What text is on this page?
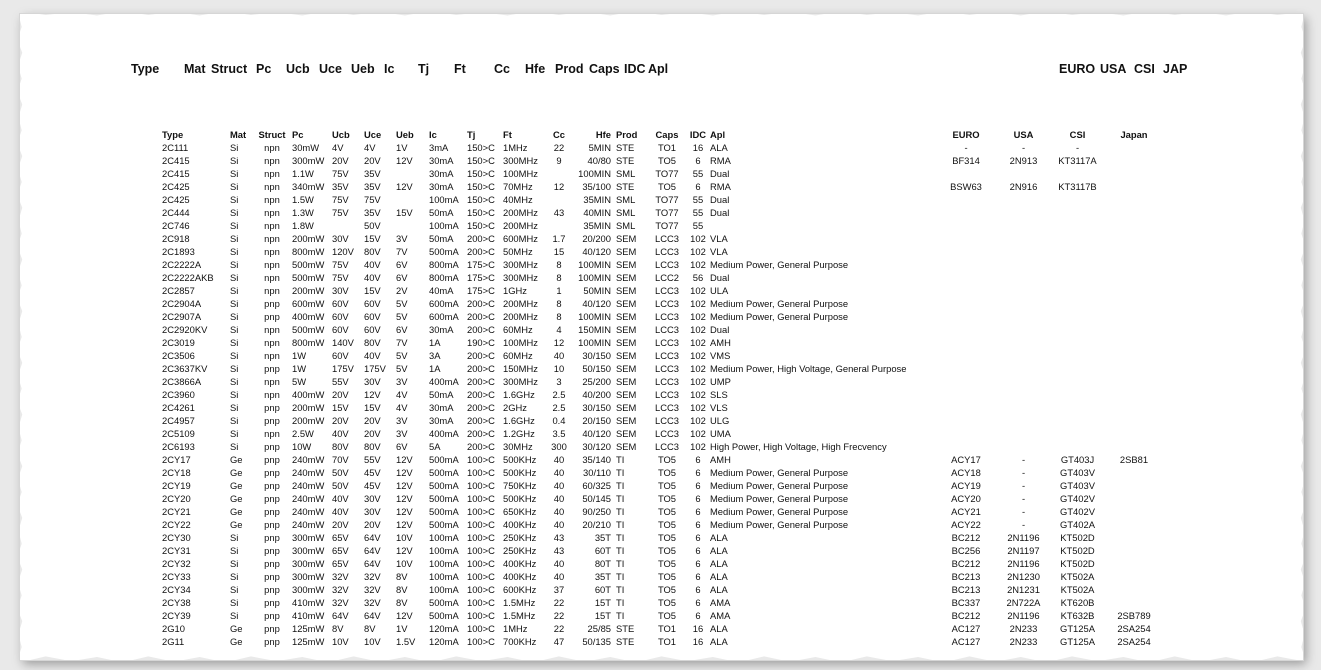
Type Mat Struct Pc Ucb Uce Ueb Ic Tj Ft Cc Hfe Prod Caps IDC Apl	EURO USA CSI JAP
Type	Mat	Struct	Pc	Ucb	Uce	Ueb	Ic	Tj	Ft	Cc	Hfe	Prod	Caps	IDC	Apl	EURO	USA	CSI	Japan
2C111	Si	npn	30mW	4V	4V	1V	3mA	150>C	1MHz	22	5MIN	STE	TO1	16	ALA	-	-	-	
2C415	Si	npn	300mW	20V	20V	12V	30mA	150>C	300MHz	9	40/80	STE	TO5	6	RMA	BF314	2N913	KT3117A	
2C415	Si	npn	1.1W	75V	35V		30mA	150>C	100MHz		100MIN	SML	TO77	55	Dual				
2C425	Si	npn	340mW	35V	35V	12V	30mA	150>C	70MHz	12	35/100	STE	TO5	6	RMA	BSW63	2N916	KT3117B	
2C425	Si	npn	1.5W	75V	75V		100mA	150>C	40MHz		35MIN	SML	TO77	55	Dual				
2C444	Si	npn	1.3W	75V	35V	15V	50mA	150>C	200MHz	43	40MIN	SML	TO77	55	Dual				
2C746	Si	npn	1.8W		50V		100mA	150>C	200MHz		35MIN	SML	TO77	55					
2C918	Si	npn	200mW	30V	15V	3V	50mA	200>C	600MHz	1.7	20/200	SEM	LCC3	102	VLA				
2C1893	Si	npn	800mW	120V	80V	7V	500mA	200>C	50MHz	15	40/120	SEM	LCC3	102	VLA				
2C2222A	Si	npn	500mW	75V	40V	6V	800mA	175>C	300MHz	8	100MIN	SEM	LCC3	102	Medium Power, General Purpose				
2C2222AKB	Si	npn	500mW	75V	40V	6V	800mA	175>C	300MHz	8	100MIN	SEM	LCC2	56	Dual				
2C2857	Si	npn	200mW	30V	15V	2V	40mA	175>C	1GHz	1	50MIN	SEM	LCC3	102	ULA				
2C2904A	Si	pnp	600mW	60V	60V	5V	600mA	200>C	200MHz	8	40/120	SEM	LCC3	102	Medium Power, General Purpose				
2C2907A	Si	pnp	400mW	60V	60V	5V	600mA	200>C	200MHz	8	100MIN	SEM	LCC3	102	Medium Power, General Purpose				
2C2920KV	Si	npn	500mW	60V	60V	6V	30mA	200>C	60MHz	4	150MIN	SEM	LCC3	102	Dual				
2C3019	Si	npn	800mW	140V	80V	7V	1A	190>C	100MHz	12	100MIN	SEM	LCC3	102	AMH				
2C3506	Si	npn	1W	60V	40V	5V	3A	200>C	60MHz	40	30/150	SEM	LCC3	102	VMS				
2C3637KV	Si	pnp	1W	175V	175V	5V	1A	200>C	150MHz	10	50/150	SEM	LCC3	102	Medium Power, High Voltage, General Purpose				
2C3866A	Si	npn	5W	55V	30V	3V	400mA	200>C	300MHz	3	25/200	SEM	LCC3	102	UMP				
2C3960	Si	npn	400mW	20V	12V	4V	50mA	200>C	1.6GHz	2.5	40/200	SEM	LCC3	102	SLS				
2C4261	Si	pnp	200mW	15V	15V	4V	30mA	200>C	2GHz	2.5	30/150	SEM	LCC3	102	VLS				
2C4957	Si	pnp	200mW	20V	20V	3V	30mA	200>C	1.6GHz	0.4	20/150	SEM	LCC3	102	ULG				
2C5109	Si	npn	2.5W	40V	20V	3V	400mA	200>C	1.2GHz	3.5	40/120	SEM	LCC3	102	UMA				
2C6193	Si	pnp	10W	80V	80V	6V	5A	200>C	30MHz	300	30/120	SEM	LCC3	102	High Power, High Voltage, High Frecvency				
2CY17	Ge	pnp	240mW	70V	55V	12V	500mA	100>C	500KHz	40	35/140	TI	TO5	6	AMH	ACY17	-	GT403J	2SB81
2CY18	Ge	pnp	240mW	50V	45V	12V	500mA	100>C	500KHz	40	30/110	TI	TO5	6	Medium Power, General Purpose	ACY18	-	GT403V	
2CY19	Ge	pnp	240mW	50V	45V	12V	500mA	100>C	750KHz	40	60/325	TI	TO5	6	Medium Power, General Purpose	ACY19	-	GT403V	
2CY20	Ge	pnp	240mW	40V	30V	12V	500mA	100>C	500KHz	40	50/145	TI	TO5	6	Medium Power, General Purpose	ACY20	-	GT402V	
2CY21	Ge	pnp	240mW	40V	30V	12V	500mA	100>C	650KHz	40	90/250	TI	TO5	6	Medium Power, General Purpose	ACY21	-	GT402V	
2CY22	Ge	pnp	240mW	20V	20V	12V	500mA	100>C	400KHz	40	20/210	TI	TO5	6	Medium Power, General Purpose	ACY22	-	GT402A	
2CY30	Si	pnp	300mW	65V	64V	10V	100mA	100>C	250KHz	43	35T	TI	TO5	6	ALA	BC212	2N1196	KT502D	
2CY31	Si	pnp	300mW	65V	64V	12V	100mA	100>C	250KHz	43	60T	TI	TO5	6	ALA	BC256	2N1197	KT502D	
2CY32	Si	pnp	300mW	65V	64V	10V	100mA	100>C	400KHz	40	80T	TI	TO5	6	ALA	BC212	2N1196	KT502D	
2CY33	Si	pnp	300mW	32V	32V	8V	100mA	100>C	400KHz	40	35T	TI	TO5	6	ALA	BC213	2N1230	KT502A	
2CY34	Si	pnp	300mW	32V	32V	8V	100mA	100>C	600KHz	37	60T	TI	TO5	6	ALA	BC213	2N1231	KT502A	
2CY38	Si	pnp	410mW	32V	32V	8V	500mA	100>C	1.5MHz	22	15T	TI	TO5	6	AMA	BC337	2N722A	KT620B	
2CY39	Si	pnp	410mW	64V	64V	12V	500mA	100>C	1.5MHz	22	15T	TI	TO5	6	AMA	BC212	2N1196	KT632B	2SB789
2G10	Ge	pnp	125mW	8V	8V	1V	120mA	100>C	1MHz	22	25/85	STE	TO1	16	ALA	AC127	2N233	GT125A	2SA254
2G11	Ge	pnp	125mW	10V	10V	1.5V	120mA	100>C	700KHz	47	50/135	STE	TO1	16	ALA	AC127	2N233	GT125A	2SA254
